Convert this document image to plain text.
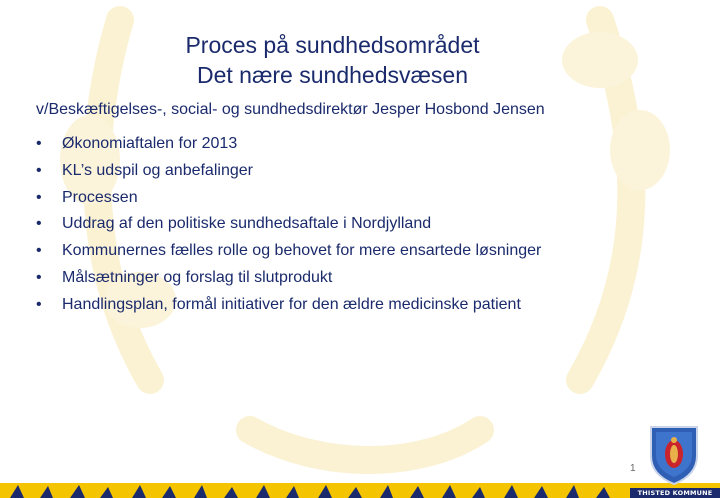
Proces på sundhedsområdet
Det nære sundhedsvæsen
v/Beskæftigelses-, social- og sundhedsdirektør Jesper Hosbond Jensen
•	Økonomiaftalen for 2013
•	KL’s udspil og anbefalinger
•	Processen
•	Uddrag af den politiske sundhedsaftale i Nordjylland
•	Kommunernes fælles rolle og behovet for mere ensartede løsninger
•	Målsætninger og forslag til slutprodukt
•	Handlingsplan, formål initiativer for den ældre medicinske patient
1
THISTED KOMMUNE
